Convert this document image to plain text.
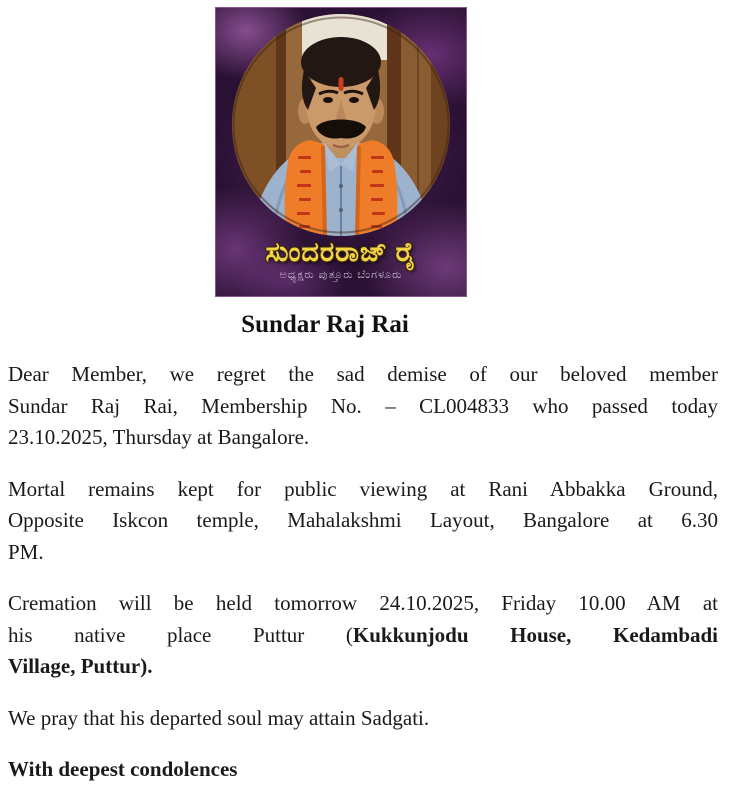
ಸುಂದರರಾಜ್ ರೈ
ಅಧ್ಯಕ್ಷರು ಪುತ್ತೂರು ಬೆಂಗಳೂರು
Sundar Raj Rai
Dear Member, we regret the sad demise of our beloved member
Sundar Raj Rai, Membership No. – CL004833 who passed today
23.10.2025, Thursday at Bangalore.
Mortal remains kept for public viewing at Rani Abbakka Ground,
Opposite Iskcon temple, Mahalakshmi Layout, Bangalore at 6.30
PM.
Cremation will be held tomorrow 24.10.2025, Friday 10.00 AM at
his native place Puttur (Kukkunjodu House, Kedambadi
Village, Puttur).
We pray that his departed soul may attain Sadgati.
With deepest condolences
